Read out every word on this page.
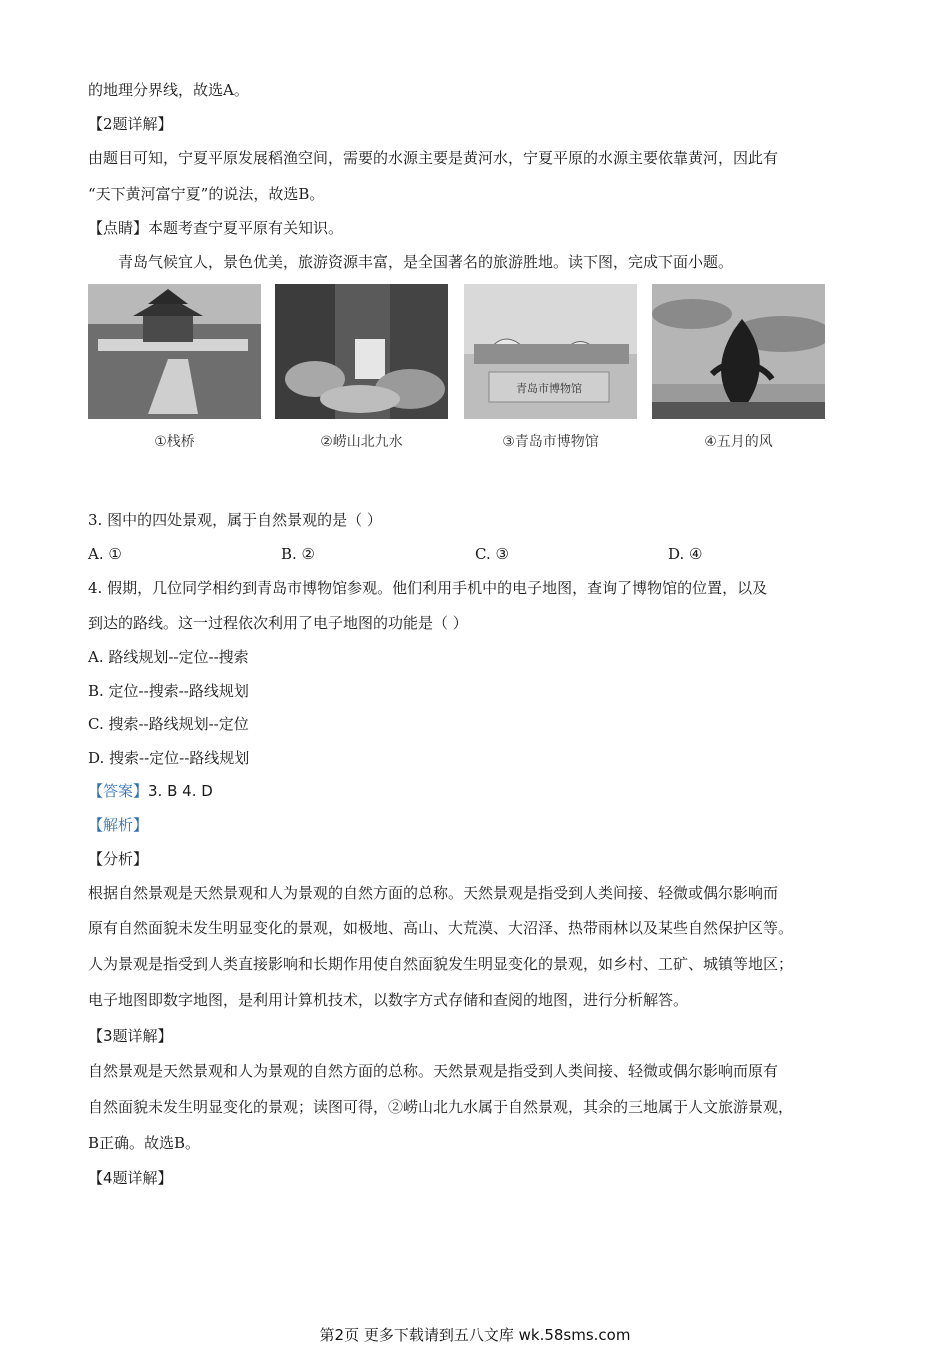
的地理分界线，故选A。
【2题详解】
由题目可知，宁夏平原发展稻渔空间，需要的水源主要是黄河水，宁夏平原的水源主要依靠黄河，因此有
“天下黄河富宁夏”的说法，故选B。
【点睛】本题考查宁夏平原有关知识。
青岛气候宜人，景色优美，旅游资源丰富，是全国著名的旅游胜地。读下图，完成下面小题。
青岛市博物馆
①栈桥	②崂山北九水	③青岛市博物馆	④五月的风
3. 图中的四处景观，属于自然景观的是（ ）
A. ①	B. ②	C. ③	D. ④
4. 假期，几位同学相约到青岛市博物馆参观。他们利用手机中的电子地图，查询了博物馆的位置，以及
到达的路线。这一过程依次利用了电子地图的功能是（ ）
A. 路线规划--定位--搜索
B. 定位--搜索--路线规划
C. 搜索--路线规划--定位
D. 搜索--定位--路线规划
【答案】3. B 4. D
【解析】
【分析】
根据自然景观是天然景观和人为景观的自然方面的总称。天然景观是指受到人类间接、轻微或偶尔影响而
原有自然面貌未发生明显变化的景观，如极地、高山、大荒漠、大沼泽、热带雨林以及某些自然保护区等。
人为景观是指受到人类直接影响和长期作用使自然面貌发生明显变化的景观，如乡村、工矿、城镇等地区；
电子地图即数字地图，是利用计算机技术，以数字方式存储和查阅的地图，进行分析解答。
【3题详解】
自然景观是天然景观和人为景观的自然方面的总称。天然景观是指受到人类间接、轻微或偶尔影响而原有
自然面貌未发生明显变化的景观；读图可得，②崂山北九水属于自然景观，其余的三地属于人文旅游景观，
B正确。故选B。
【4题详解】
第2页 更多下载请到五八文库 wk.58sms.com
